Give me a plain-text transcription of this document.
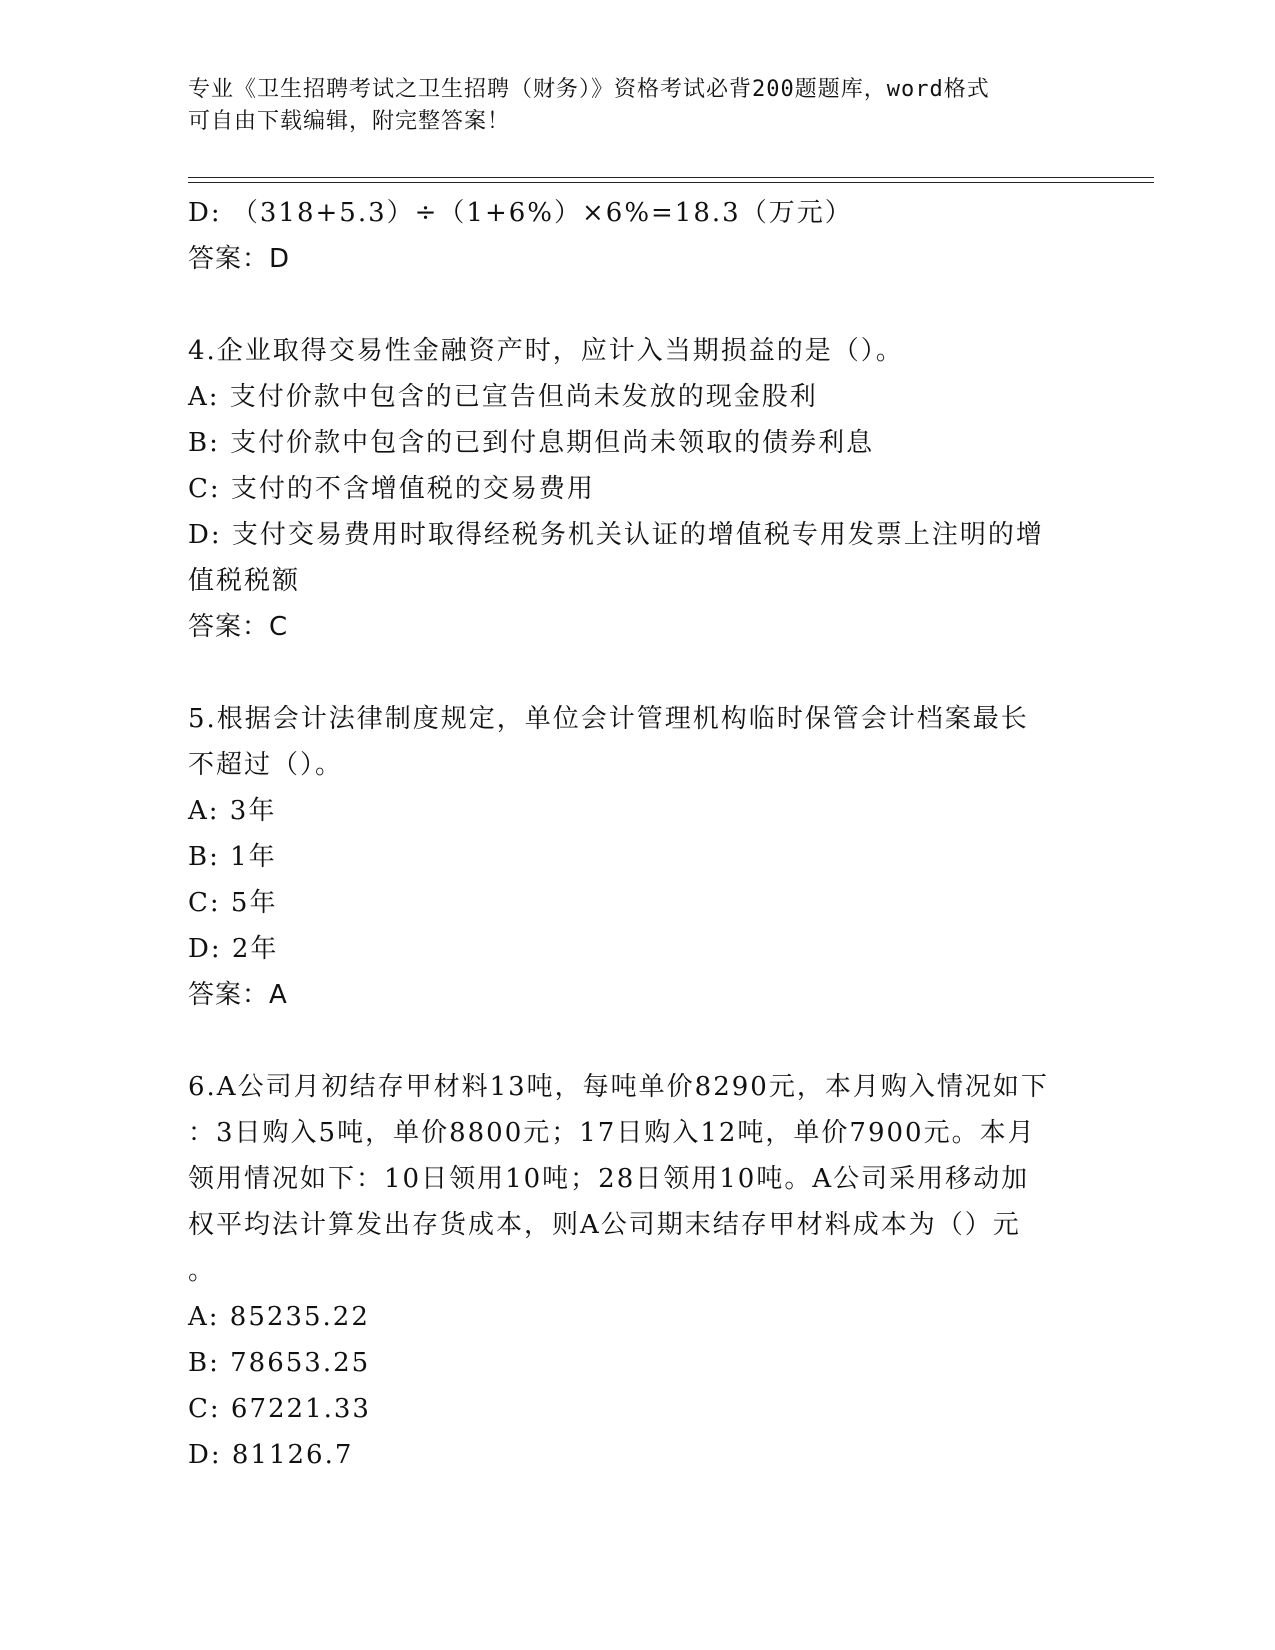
专业《卫生招聘考试之卫生招聘（财务）》资格考试必背200题题库，word格式
可自由下载编辑，附完整答案！
D: （318+5.3）÷（1+6%）×6%=18.3（万元）
答案：D
4.企业取得交易性金融资产时，应计入当期损益的是（）。
A: 支付价款中包含的已宣告但尚未发放的现金股利
B: 支付价款中包含的已到付息期但尚未领取的债券利息
C: 支付的不含增值税的交易费用
D: 支付交易费用时取得经税务机关认证的增值税专用发票上注明的增
值税税额
答案：C
5.根据会计法律制度规定，单位会计管理机构临时保管会计档案最长
不超过（）。
A: 3年
B: 1年
C: 5年
D: 2年
答案：A
6.A公司月初结存甲材料13吨，每吨单价8290元，本月购入情况如下
：3日购入5吨，单价8800元；17日购入12吨，单价7900元。本月
领用情况如下：10日领用10吨；28日领用10吨。A公司采用移动加
权平均法计算发出存货成本，则A公司期末结存甲材料成本为（）元
。
A: 85235.22
B: 78653.25
C: 67221.33
D: 81126.7
